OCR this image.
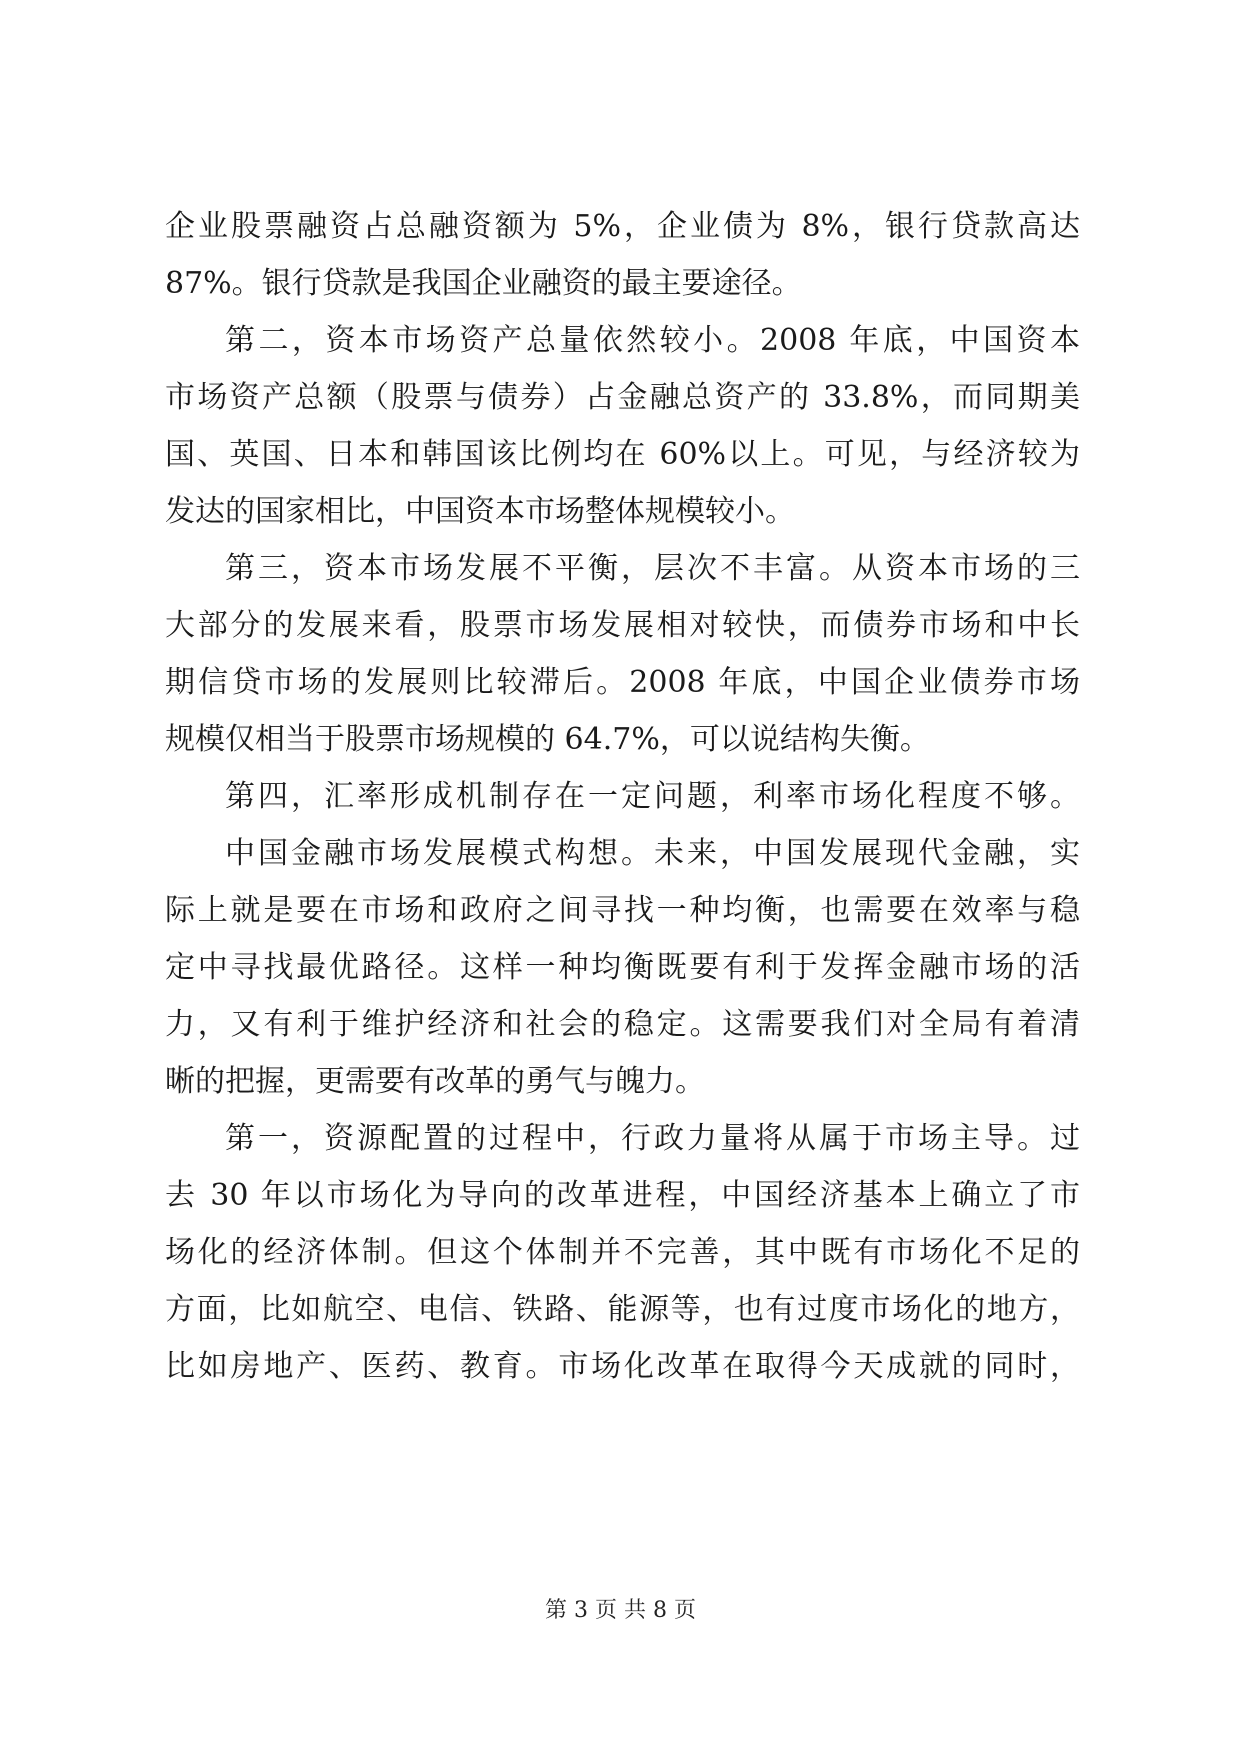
企业股票融资占总融资额为 5%，企业债为 8%，银行贷款高达
87%。银行贷款是我国企业融资的最主要途径。
第二，资本市场资产总量依然较小。2008 年底，中国资本
市场资产总额（股票与债券）占金融总资产的 33.8%，而同期美
国、英国、日本和韩国该比例均在 60%以上。可见，与经济较为
发达的国家相比，中国资本市场整体规模较小。
第三，资本市场发展不平衡，层次不丰富。从资本市场的三
大部分的发展来看，股票市场发展相对较快，而债券市场和中长
期信贷市场的发展则比较滞后。2008 年底，中国企业债券市场
规模仅相当于股票市场规模的 64.7%，可以说结构失衡。
第四，汇率形成机制存在一定问题，利率市场化程度不够。
中国金融市场发展模式构想。未来，中国发展现代金融，实
际上就是要在市场和政府之间寻找一种均衡，也需要在效率与稳
定中寻找最优路径。这样一种均衡既要有利于发挥金融市场的活
力，又有利于维护经济和社会的稳定。这需要我们对全局有着清
晰的把握，更需要有改革的勇气与魄力。
第一，资源配置的过程中，行政力量将从属于市场主导。过
去 30 年以市场化为导向的改革进程，中国经济基本上确立了市
场化的经济体制。但这个体制并不完善，其中既有市场化不足的
方面，比如航空、电信、铁路、能源等，也有过度市场化的地方，
比如房地产、医药、教育。市场化改革在取得今天成就的同时，
第 3 页 共 8 页
